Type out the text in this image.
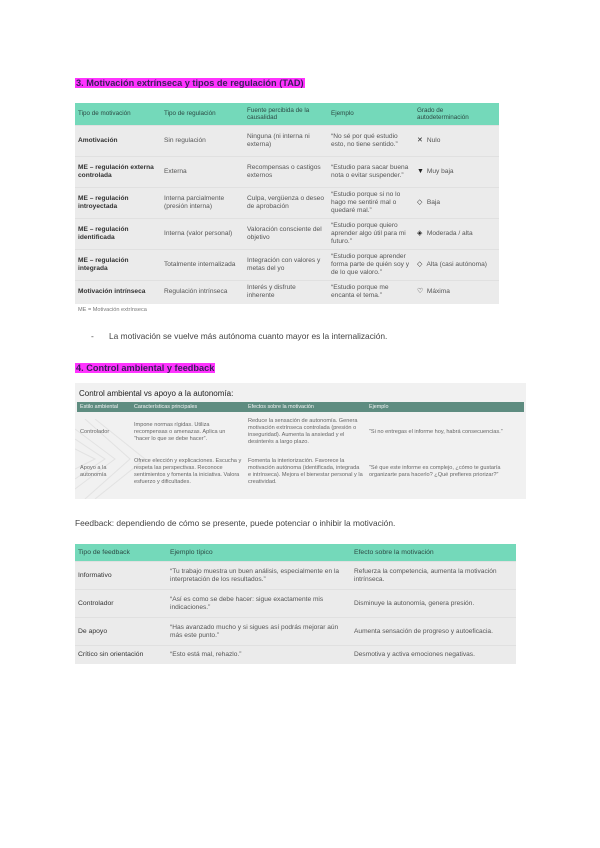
3. Motivación extrínseca y tipos de regulación (TAD)
Tipo de motivación	Tipo de regulación	Fuente percibida de la causalidad	Ejemplo	Grado de autodeterminación
Amotivación	Sin regulación	Ninguna (ni interna ni externa)	“No sé por qué estudio esto, no tiene sentido.”	✕ Nulo
ME – regulación externa controlada	Externa	Recompensas o castigos externos	“Estudio para sacar buena nota o evitar suspender.”	▼ Muy baja
ME – regulación introyectada	Interna parcialmente (presión interna)	Culpa, vergüenza o deseo de aprobación	“Estudio porque si no lo hago me sentiré mal o quedaré mal.”	◇ Baja
ME – regulación identificada	Interna (valor personal)	Valoración consciente del objetivo	“Estudio porque quiero aprender algo útil para mi futuro.”	◈ Moderada / alta
ME – regulación integrada	Totalmente internalizada	Integración con valores y metas del yo	“Estudio porque aprender forma parte de quién soy y de lo que valoro.”	◇ Alta (casi autónoma)
Motivación intrínseca	Regulación intrínseca	Interés y disfrute inherente	“Estudio porque me encanta el tema.”	♡ Máxima
ME = Motivación extrínseca
- La motivación se vuelve más autónoma cuanto mayor es la internalización.
4. Control ambiental y feedback
Control ambiental vs apoyo a la autonomía:
Estilo ambiental	Características principales	Efectos sobre la motivación	Ejemplo
Controlador	Impone normas rígidas. Utiliza recompensas o amenazas. Aplica un “hacer lo que se debe hacer”.	Reduce la sensación de autonomía. Genera motivación extrínseca controlada (presión o inseguridad). Aumenta la ansiedad y el desinterés a largo plazo.	“Si no entregas el informe hoy, habrá consecuencias.”
Apoyo a la autonomía	Ofrece elección y explicaciones. Escucha y respeta las perspectivas. Reconoce sentimientos y fomenta la iniciativa. Valora esfuerzo y dificultades.	Fomenta la interiorización. Favorece la motivación autónoma (identificada, integrada e intrínseca). Mejora el bienestar personal y la creatividad.	“Sé que este informe es complejo, ¿cómo te gustaría organizarte para hacerlo? ¿Qué prefieres priorizar?”
Feedback: dependiendo de cómo se presente, puede potenciar o inhibir la motivación.
Tipo de feedback	Ejemplo típico	Efecto sobre la motivación
Informativo	“Tu trabajo muestra un buen análisis, especialmente en la interpretación de los resultados.”	Refuerza la competencia, aumenta la motivación intrínseca.
Controlador	“Así es como se debe hacer: sigue exactamente mis indicaciones.”	Disminuye la autonomía, genera presión.
De apoyo	“Has avanzado mucho y si sigues así podrás mejorar aún más este punto.”	Aumenta sensación de progreso y autoeficacia.
Crítico sin orientación	“Esto está mal, rehazlo.”	Desmotiva y activa emociones negativas.
